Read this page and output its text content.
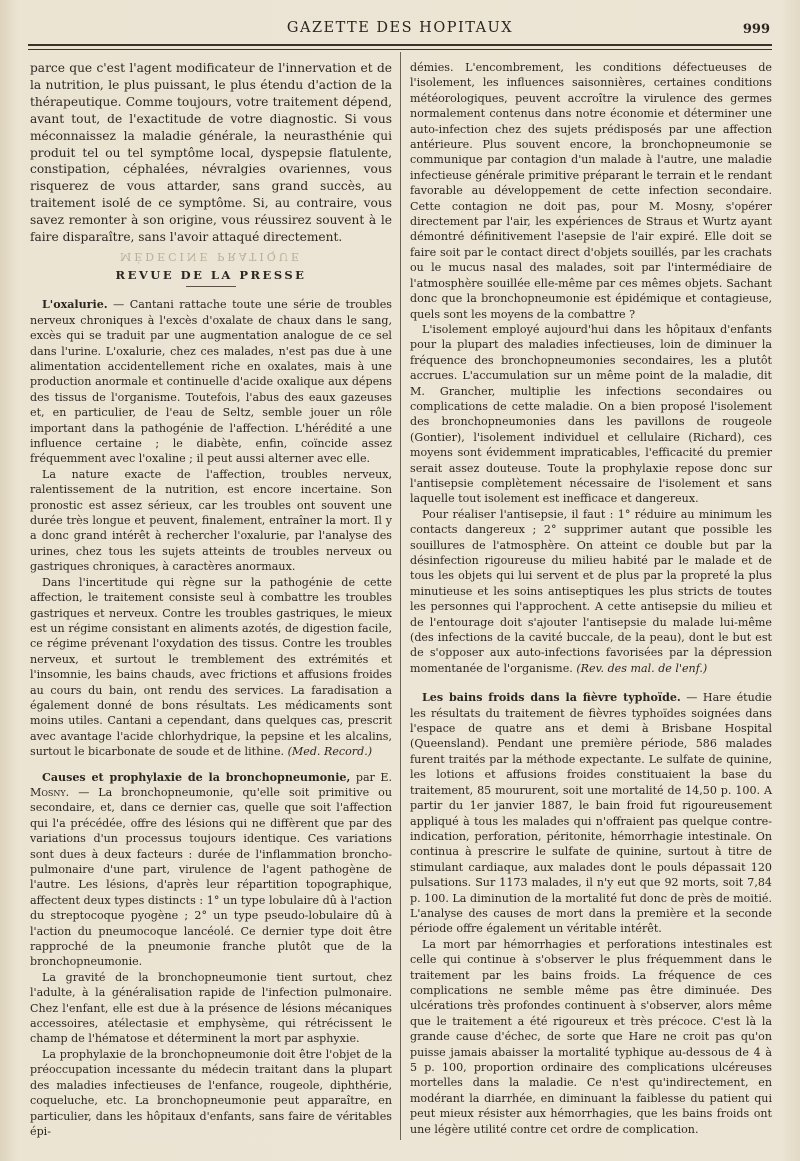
GAZETTE DES HOPITAUX	999

parce que c'est l'agent modificateur de l'innervation et de la nutrition, le plus puissant, le plus étendu d'action de la thérapeutique. Comme toujours, votre traitement dépend, avant tout, de l'exactitude de votre diagnostic. Si vous méconnaissez la maladie générale, la neurasthénie qui produit tel ou tel symptôme local, dyspepsie flatulente, constipation, céphalées, névralgies ovariennes, vous risquerez de vous attarder, sans grand succès, au traitement isolé de ce symptôme. Si, au contraire, vous savez remonter à son origine, vous réussirez souvent à le faire disparaître, sans l'avoir attaqué directement.

MÉDECINE PRATIQUE
REVUE DE LA PRESSE

L'oxalurie. — Cantani rattache toute une série de troubles nerveux chroniques à l'excès d'oxalate de chaux dans le sang, excès qui se traduit par une augmentation analogue de ce sel dans l'urine. L'oxalurie, chez ces malades, n'est pas due à une alimentation accidentellement riche en oxalates, mais à une production anormale et continuelle d'acide oxalique aux dépens des tissus de l'organisme. Toutefois, l'abus des eaux gazeuses et, en particulier, de l'eau de Seltz, semble jouer un rôle important dans la pathogénie de l'affection. L'hérédité a une influence certaine ; le diabète, enfin, coïncide assez fréquemment avec l'oxaline ; il peut aussi alterner avec elle.

La nature exacte de l'affection, troubles nerveux, ralentissement de la nutrition, est encore incertaine. Son pronostic est assez sérieux, car les troubles ont souvent une durée très longue et peuvent, finalement, entraîner la mort. Il y a donc grand intérêt à rechercher l'oxalurie, par l'analyse des urines, chez tous les sujets atteints de troubles nerveux ou gastriques chroniques, à caractères anormaux.

Dans l'incertitude qui règne sur la pathogénie de cette affection, le traitement consiste seul à combattre les troubles gastriques et nerveux. Contre les troubles gastriques, le mieux est un régime consistant en aliments azotés, de digestion facile, ce régime prévenant l'oxydation des tissus. Contre les troubles nerveux, et surtout le tremblement des extrémités et l'insomnie, les bains chauds, avec frictions et affusions froides au cours du bain, ont rendu des services. La faradisation a également donné de bons résultats. Les médicaments sont moins utiles. Cantani a cependant, dans quelques cas, prescrit avec avantage l'acide chlorhydrique, la pepsine et les alcalins, surtout le bicarbonate de soude et de lithine. (Med. Record.)

Causes et prophylaxie de la bronchopneumonie, par E. Mosny. — La bronchopneumonie, qu'elle soit primitive ou secondaire, et, dans ce dernier cas, quelle que soit l'affection qui l'a précédée, offre des lésions qui ne diffèrent que par des variations d'un processus toujours identique. Ces variations sont dues à deux facteurs : durée de l'inflammation broncho-pulmonaire d'une part, virulence de l'agent pathogène de l'autre. Les lésions, d'après leur répartition topographique, affectent deux types distincts : 1° un type lobulaire dû à l'action du streptocoque pyogène ; 2° un type pseudo-lobulaire dû à l'action du pneumocoque lancéolé. Ce dernier type doit être rapproché de la pneumonie franche plutôt que de la bronchopneumonie.

La gravité de la bronchopneumonie tient surtout, chez l'adulte, à la généralisation rapide de l'infection pulmonaire. Chez l'enfant, elle est due à la présence de lésions mécaniques accessoires, atélectasie et emphysème, qui rétrécissent le champ de l'hématose et déterminent la mort par asphyxie.

La prophylaxie de la bronchopneumonie doit être l'objet de la préoccupation incessante du médecin traitant dans la plupart des maladies infectieuses de l'enfance, rougeole, diphthérie, coqueluche, etc. La bronchopneumonie peut apparaître, en particulier, dans les hôpitaux d'enfants, sans faire de véritables épi-

démies. L'encombrement, les conditions défectueuses de l'isolement, les influences saisonnières, certaines conditions météorologiques, peuvent accroître la virulence des germes normalement contenus dans notre économie et déterminer une auto-infection chez des sujets prédisposés par une affection antérieure. Plus souvent encore, la bronchopneumonie se communique par contagion d'un malade à l'autre, une maladie infectieuse générale primitive préparant le terrain et le rendant favorable au développement de cette infection secondaire. Cette contagion ne doit pas, pour M. Mosny, s'opérer directement par l'air, les expériences de Straus et Wurtz ayant démontré définitivement l'asepsie de l'air expiré. Elle doit se faire soit par le contact direct d'objets souillés, par les crachats ou le mucus nasal des malades, soit par l'intermédiaire de l'atmosphère souillée elle-même par ces mêmes objets. Sachant donc que la bronchopneumonie est épidémique et contagieuse, quels sont les moyens de la combattre ?

L'isolement employé aujourd'hui dans les hôpitaux d'enfants pour la plupart des maladies infectieuses, loin de diminuer la fréquence des bronchopneumonies secondaires, les a plutôt accrues. L'accumulation sur un même point de la maladie, dit M. Grancher, multiplie les infections secondaires ou complications de cette maladie. On a bien proposé l'isolement des bronchopneumonies dans les pavillons de rougeole (Gontier), l'isolement individuel et cellulaire (Richard), ces moyens sont évidemment impraticables, l'efficacité du premier serait assez douteuse. Toute la prophylaxie repose donc sur l'antisepsie complètement nécessaire de l'isolement et sans laquelle tout isolement est inefficace et dangereux.

Pour réaliser l'antisepsie, il faut : 1° réduire au minimum les contacts dangereux ; 2° supprimer autant que possible les souillures de l'atmosphère. On atteint ce double but par la désinfection rigoureuse du milieu habité par le malade et de tous les objets qui lui servent et de plus par la propreté la plus minutieuse et les soins antiseptiques les plus stricts de toutes les personnes qui l'approchent. A cette antisepsie du milieu et de l'entourage doit s'ajouter l'antisepsie du malade lui-même (des infections de la cavité buccale, de la peau), dont le but est de s'opposer aux auto-infections favorisées par la dépression momentanée de l'organisme. (Rev. des mal. de l'enf.)

Les bains froids dans la fièvre typhoïde. — Hare étudie les résultats du traitement de fièvres typhoïdes soignées dans l'espace de quatre ans et demi à Brisbane Hospital (Queensland). Pendant une première période, 586 malades furent traités par la méthode expectante. Le sulfate de quinine, les lotions et affusions froides constituaient la base du traitement, 85 moururent, soit une mortalité de 14,50 p. 100. A partir du 1er janvier 1887, le bain froid fut rigoureusement appliqué à tous les malades qui n'offraient pas quelque contre-indication, perforation, péritonite, hémorrhagie intestinale. On continua à prescrire le sulfate de quinine, surtout à titre de stimulant cardiaque, aux malades dont le pouls dépassait 120 pulsations. Sur 1173 malades, il n'y eut que 92 morts, soit 7,84 p. 100. La diminution de la mortalité fut donc de près de moitié. L'analyse des causes de mort dans la première et la seconde période offre également un véritable intérêt.

La mort par hémorrhagies et perforations intestinales est celle qui continue à s'observer le plus fréquemment dans le traitement par les bains froids. La fréquence de ces complications ne semble même pas être diminuée. Des ulcérations très profondes continuent à s'observer, alors même que le traitement a été rigoureux et très précoce. C'est là la grande cause d'échec, de sorte que Hare ne croit pas qu'on puisse jamais abaisser la mortalité typhique au-dessous de 4 à 5 p. 100, proportion ordinaire des complications ulcéreuses mortelles dans la maladie. Ce n'est qu'indirectement, en modérant la diarrhée, en diminuant la faiblesse du patient qui peut mieux résister aux hémorrhagies, que les bains froids ont une légère utilité contre cet ordre de complication.
